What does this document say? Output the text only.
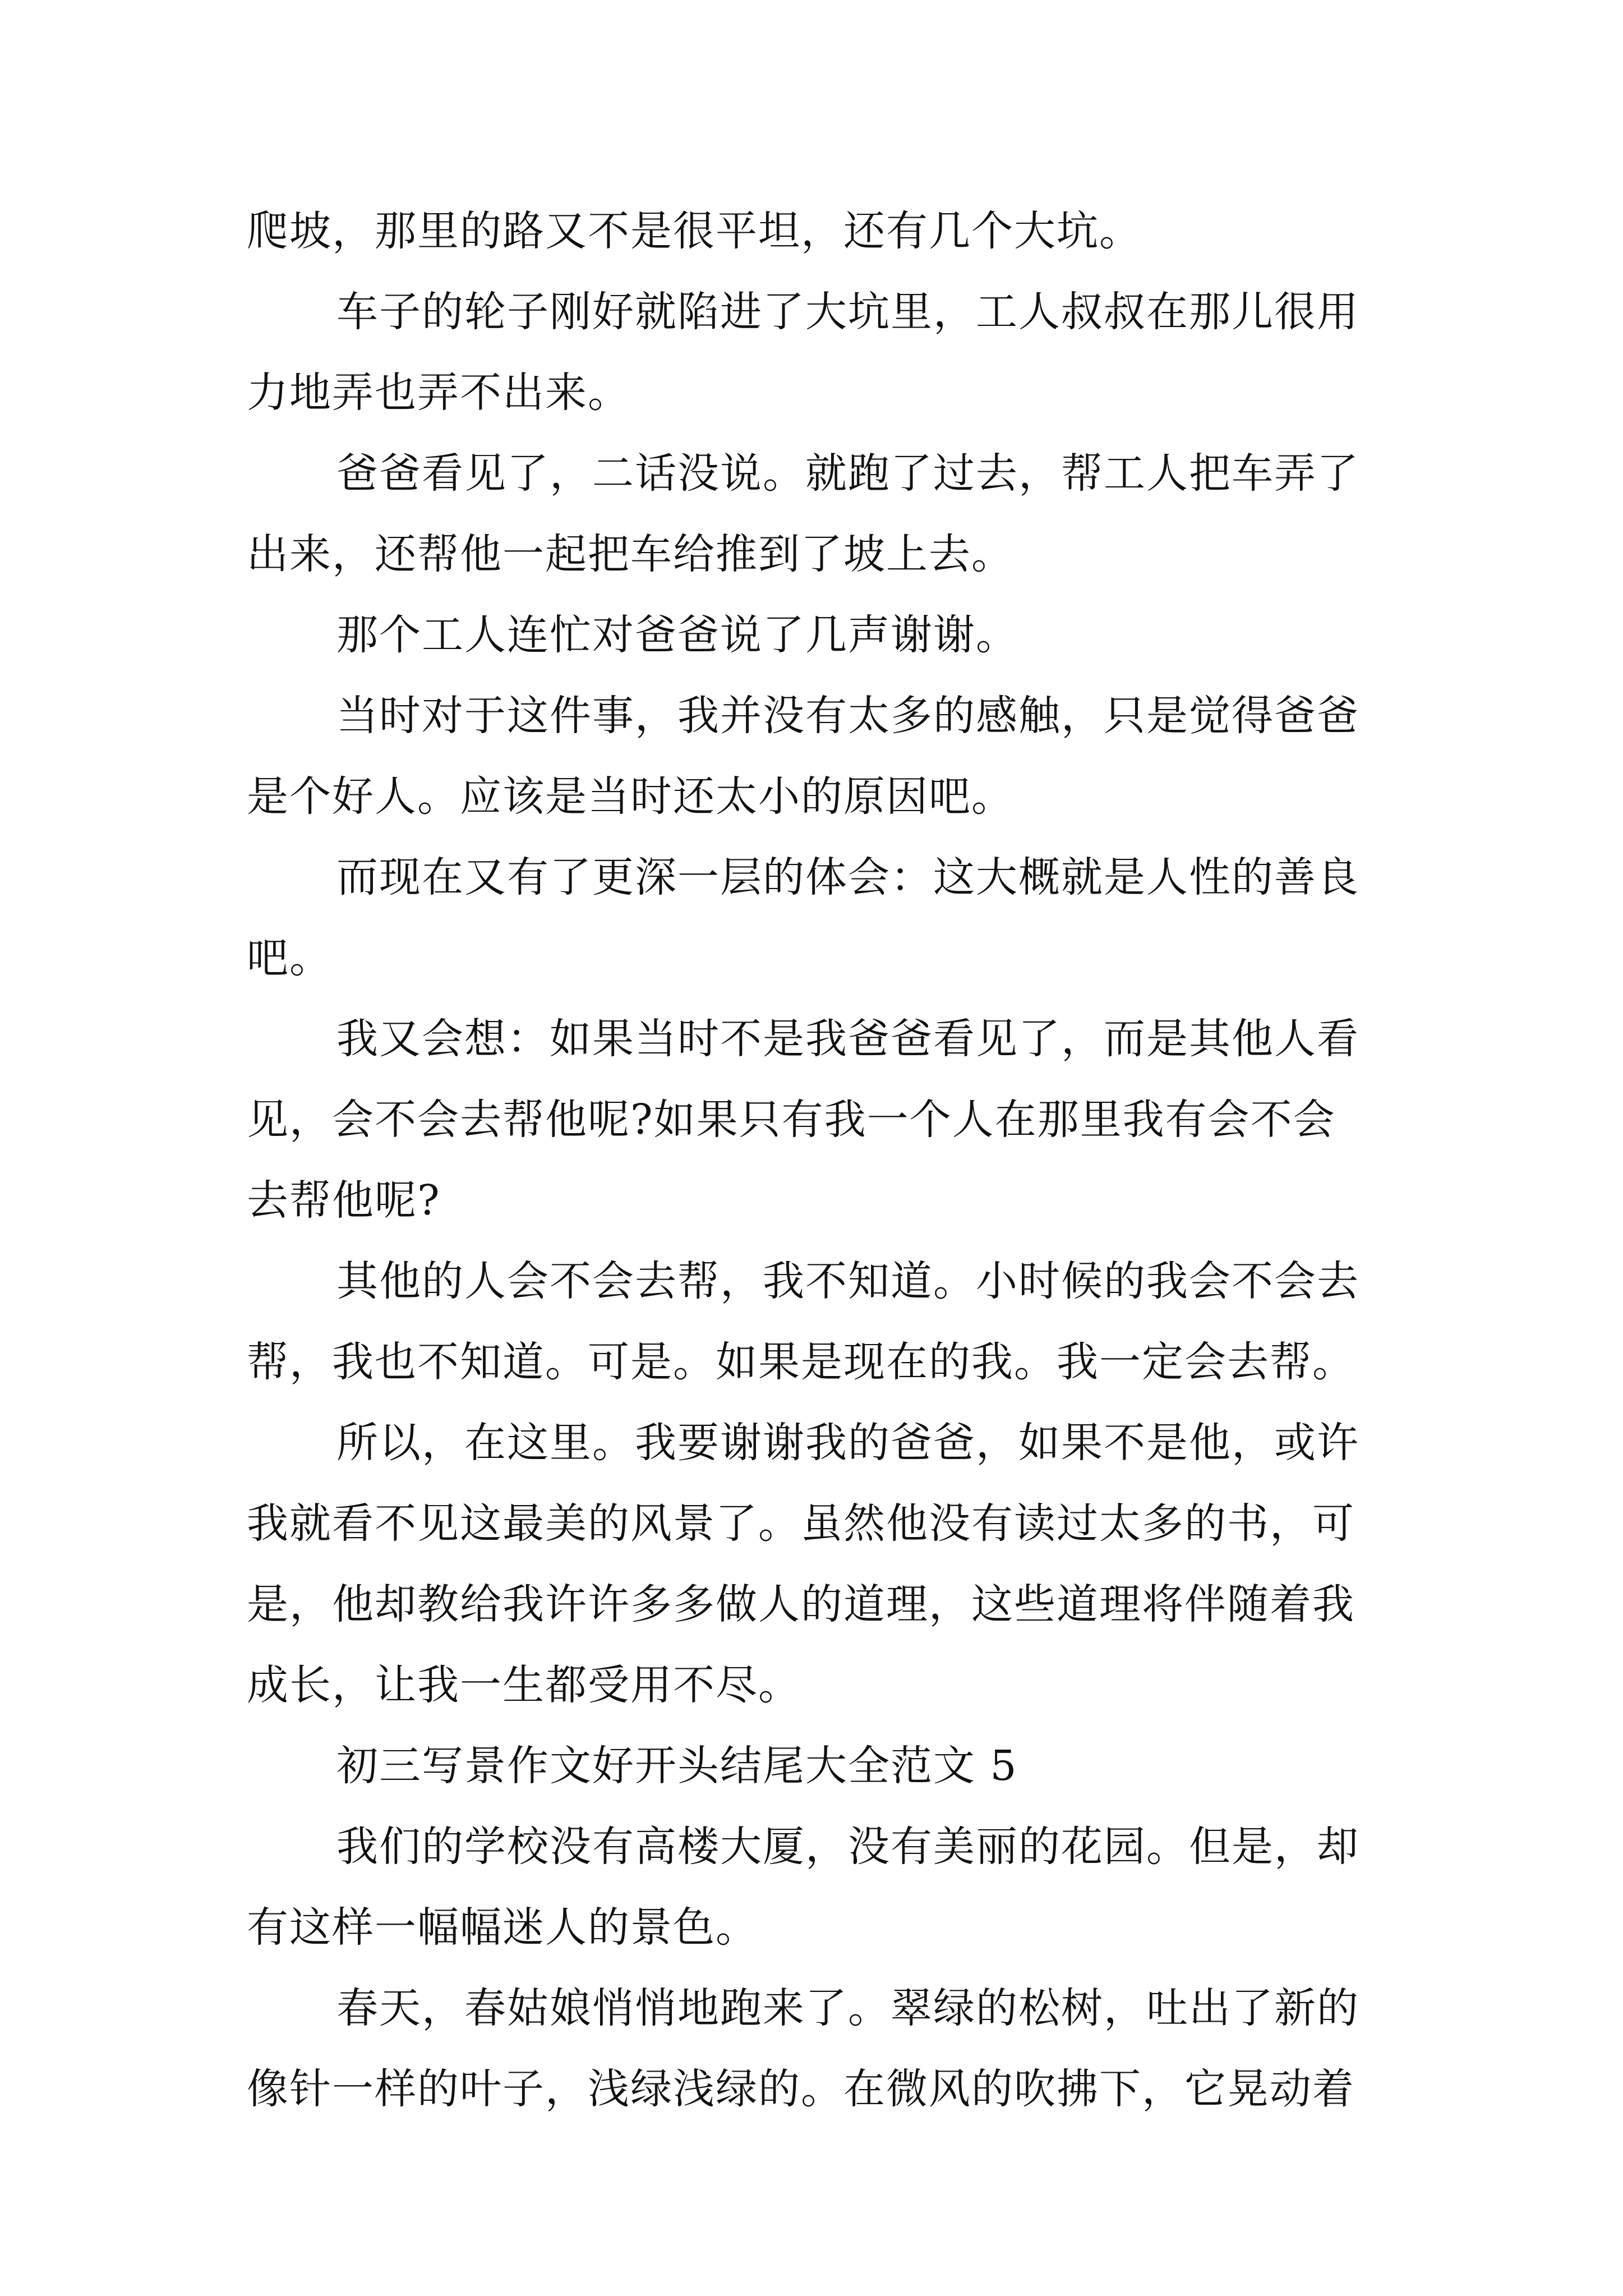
爬坡，那里的路又不是很平坦，还有几个大坑。
车子的轮子刚好就陷进了大坑里，工人叔叔在那儿很用
力地弄也弄不出来。
爸爸看见了，二话没说。就跑了过去，帮工人把车弄了
出来，还帮他一起把车给推到了坡上去。
那个工人连忙对爸爸说了几声谢谢。
当时对于这件事，我并没有太多的感触，只是觉得爸爸
是个好人。应该是当时还太小的原因吧。
而现在又有了更深一层的体会：这大概就是人性的善良
吧。
我又会想：如果当时不是我爸爸看见了，而是其他人看
见，会不会去帮他呢?如果只有我一个人在那里我有会不会
去帮他呢?
其他的人会不会去帮，我不知道。小时候的我会不会去
帮，我也不知道。可是。如果是现在的我。我一定会去帮。
所以，在这里。我要谢谢我的爸爸，如果不是他，或许
我就看不见这最美的风景了。虽然他没有读过太多的书，可
是，他却教给我许许多多做人的道理，这些道理将伴随着我
成长，让我一生都受用不尽。
初三写景作文好开头结尾大全范文 5
我们的学校没有高楼大厦，没有美丽的花园。但是，却
有这样一幅幅迷人的景色。
春天，春姑娘悄悄地跑来了。翠绿的松树，吐出了新的
像针一样的叶子，浅绿浅绿的。在微风的吹拂下，它晃动着
